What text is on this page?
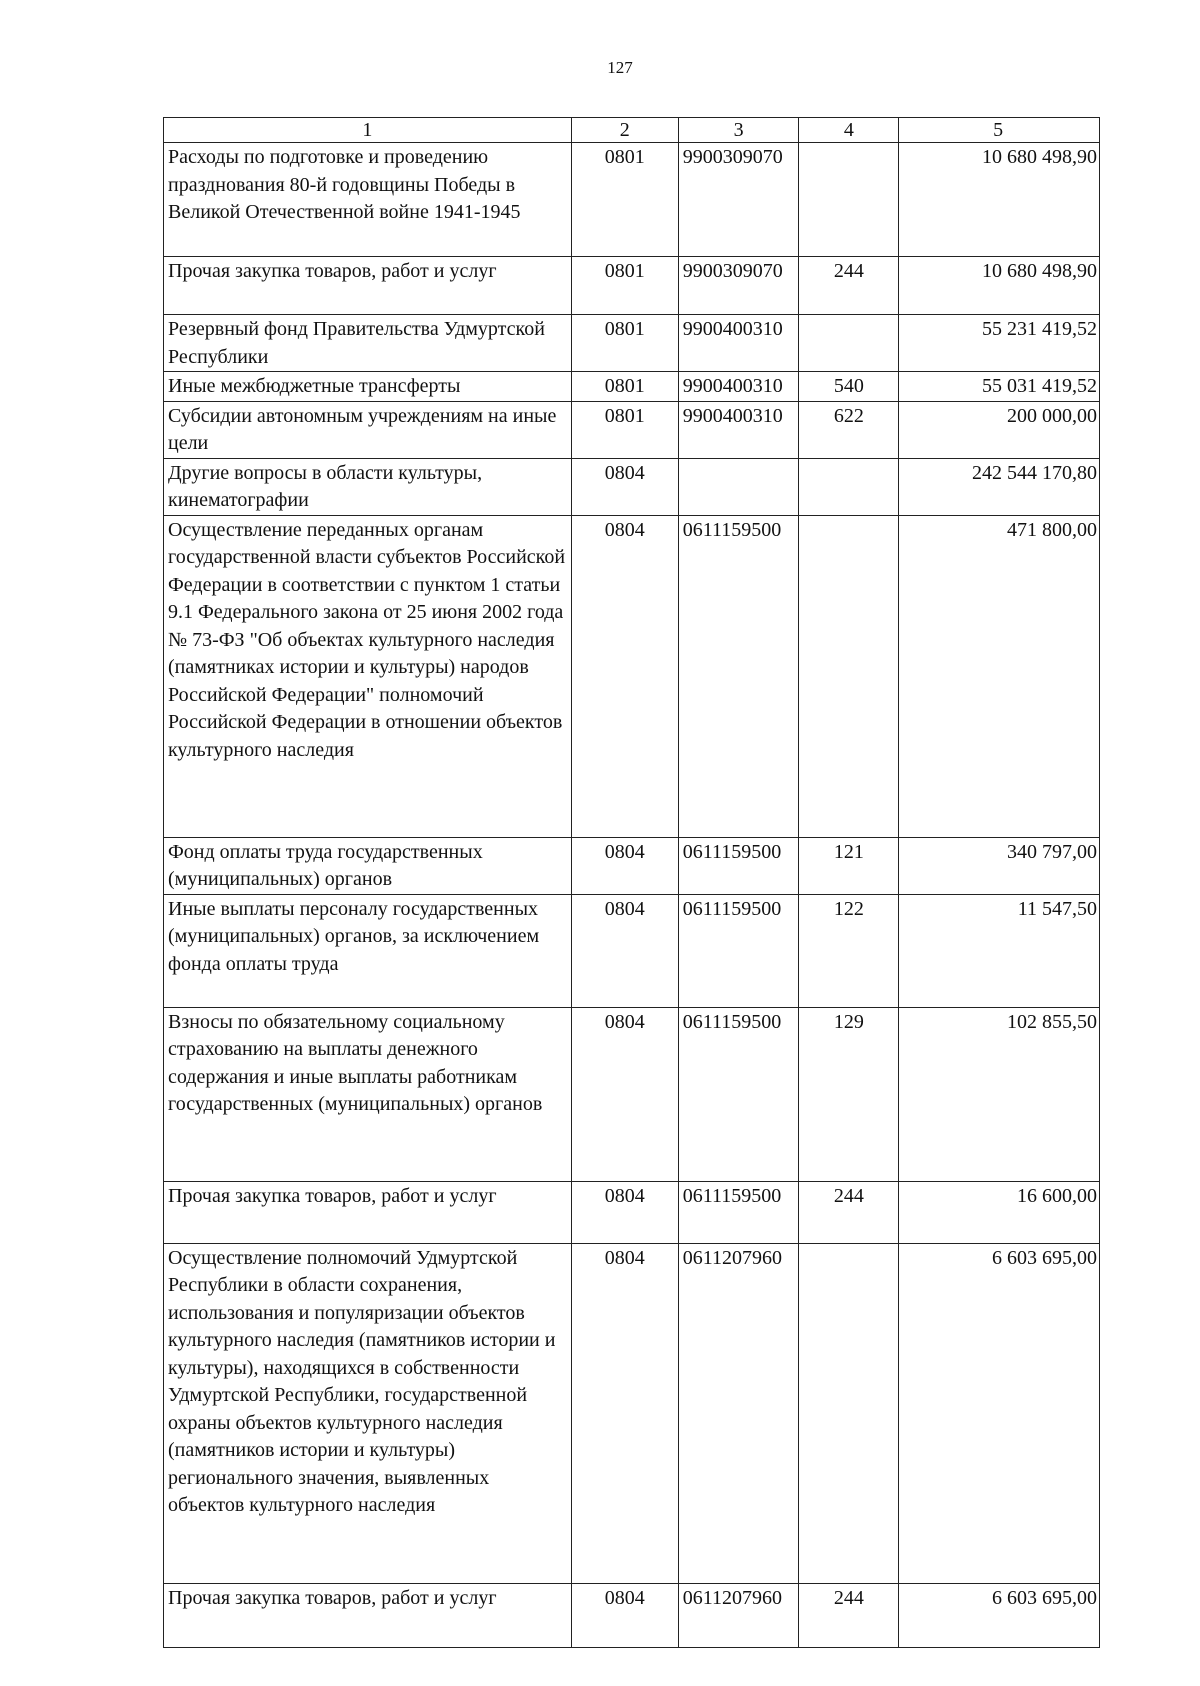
127
1	2	3	4	5
Расходы по подготовке и проведению празднования 80-й годовщины Победы в Великой Отечественной войне 1941-1945	0801	9900309070		10 680 498,90
Прочая закупка товаров, работ и услуг	0801	9900309070	244	10 680 498,90
Резервный фонд Правительства Удмуртской Республики	0801	9900400310		55 231 419,52
Иные межбюджетные трансферты	0801	9900400310	540	55 031 419,52
Субсидии автономным учреждениям на иные цели	0801	9900400310	622	200 000,00
Другие вопросы в области культуры, кинематографии	0804			242 544 170,80
Осуществление переданных органам государственной власти субъектов Российской Федерации в соответствии с пунктом 1 статьи 9.1 Федерального закона от 25 июня 2002 года № 73-ФЗ "Об объектах культурного наследия (памятниках истории и культуры) народов Российской Федерации" полномочий Российской Федерации в отношении объектов культурного наследия	0804	0611159500		471 800,00
Фонд оплаты труда государственных (муниципальных) органов	0804	0611159500	121	340 797,00
Иные выплаты персоналу государственных (муниципальных) органов, за исключением фонда оплаты труда	0804	0611159500	122	11 547,50
Взносы по обязательному социальному страхованию на выплаты денежного содержания и иные выплаты работникам государственных (муниципальных) органов	0804	0611159500	129	102 855,50
Прочая закупка товаров, работ и услуг	0804	0611159500	244	16 600,00
Осуществление полномочий Удмуртской Республики в области сохранения, использования и популяризации объектов культурного наследия (памятников истории и культуры), находящихся в собственности Удмуртской Республики, государственной охраны объектов культурного наследия (памятников истории и культуры) регионального значения, выявленных объектов культурного наследия	0804	0611207960		6 603 695,00
Прочая закупка товаров, работ и услуг	0804	0611207960	244	6 603 695,00
